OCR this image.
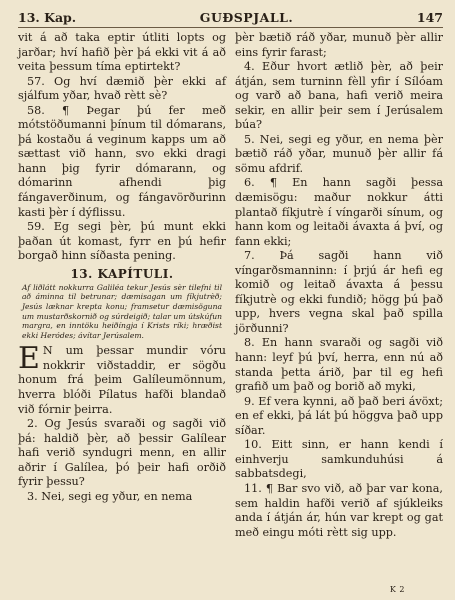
13. Kap.	GUÐSPJALL.	147

vit á að taka eptir útliti lopts og jarðar; hví hafið þèr þá ekki vit á að veita þessum tíma eptirtekt?

57. Og hví dæmið þèr ekki af sjálfum yðar, hvað rètt sè?

58. ¶ Þegar þú fer með mótstöðumanni þínum til dómarans, þá kostaðu á veginum kapps um að sættast við hann, svo ekki dragi hann þig fyrir dómarann, og dómarinn afhendi þig fángaverðinum, og fángavörðurinn kasti þèr í dýflissu.

59. Eg segi þèr, þú munt ekki þaðan út komast, fyrr en þú hefir borgað hinn síðasta pening.

13. KAPÍTULI.
Af liðlátt nokkurra Galiléa tekur Jesús sèr tilefni til að áminna til betrunar; dæmisagan um fíkjutrèð; Jesús læknar krepta konu; framsetur dæmisöguna um mustarðskornið og súrdeigið; talar um útskúfun margra, en inntöku heiðíngja í Krists ríki; hræðist ekki Heródes; ávítar Jerúsalem.

E N um þessar mundir vóru nokkrir viðstaddir, er sögðu honum frá þeim Galíleumönnum, hverra blóði Pílatus hafði blandað við fórnir þeirra.

2. Og Jesús svaraði og sagði við þá: haldið þèr, að þessir Galílear hafi verið syndugri menn, en allir aðrir í Galílea, þó þeir hafi orðið fyrir þessu?

3. Nei, segi eg yður, en nema

þèr bætið ráð yðar, munuð þèr allir eins fyrir farast;

4. Eður hvort ætlið þèr, að þeir átján, sem turninn fèll yfir í Sílóam og varð að bana, hafi verið meira sekir, en allir þeir sem í Jerúsalem búa?

5. Nei, segi eg yður, en nema þèr bætið ráð yðar, munuð þèr allir fá sömu afdrif.

6. ¶ En hann sagði þessa dæmisögu: maður nokkur átti plantað fíkjutrè í víngarði sínum, og hann kom og leitaði ávaxta á því, og fann ekki;

7. Þá sagði hann við víngarðsmanninn: í þrjú ár hefi eg komið og leitað ávaxta á þessu fíkjutrè og ekki fundið; högg þú það upp, hvers vegna skal það spilla jörðunni?

8. En hann svaraði og sagði við hann: leyf þú því, herra, enn nú að standa þetta árið, þar til eg hefi grafið um það og borið að myki,

9. Ef vera kynni, að það beri ávöxt; en ef ekki, þá lát þú höggva það upp síðar.

10. Eitt sinn, er hann kendi í einhverju samkunduhúsi á sabbatsdegi,

11. ¶ Bar svo við, að þar var kona, sem haldin hafði verið af sjúkleiks anda í átján ár, hún var krept og gat með eingu móti rètt sig upp.

K 2
